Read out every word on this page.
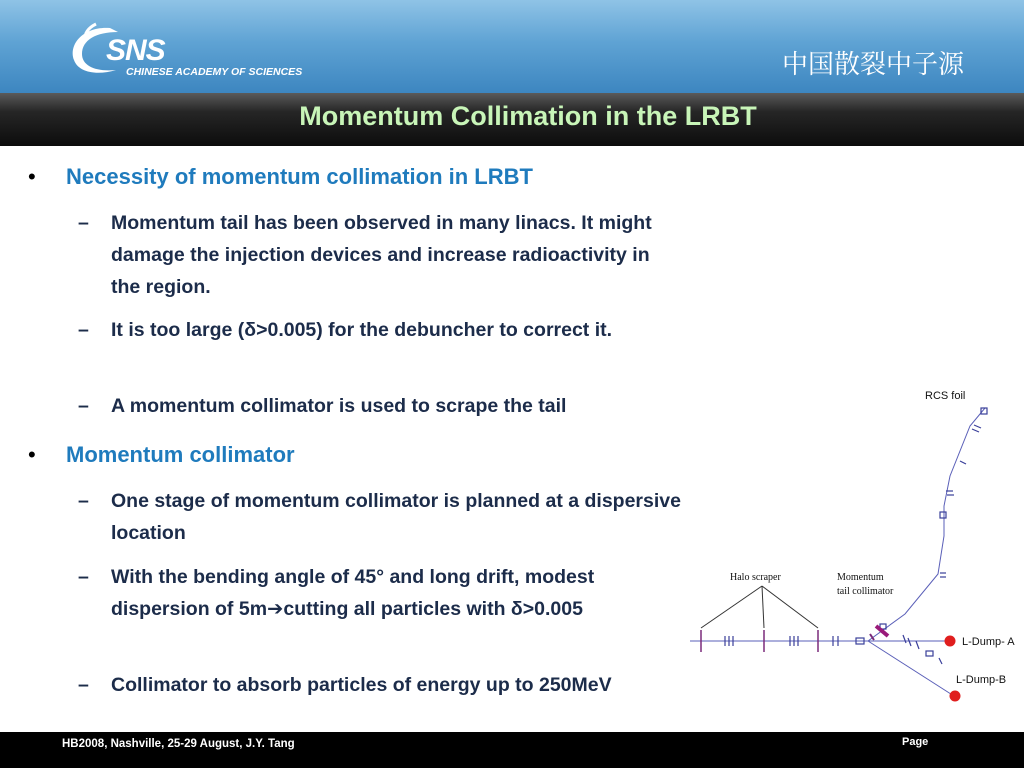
SNS
CHINESE ACADEMY OF SCIENCES	中国散裂中子源
Momentum Collimation in the LRBT
• Necessity of momentum collimation in LRBT
– Momentum tail has been observed in many linacs. It might damage the injection devices and increase radioactivity in the region.
– It is too large (δ>0.005) for the debuncher to correct it.
– A momentum collimator is used to scrape the tail
• Momentum collimator
– One stage of momentum collimator is planned at a dispersive location
– With the bending angle of 45° and long drift, modest dispersion of 5m➔cutting all particles with δ>0.005
– Collimator to absorb particles of energy up to 250MeV
RCS foil
Halo scraper	Momentum
tail collimator
L-Dump- A
L-Dump-B
HB2008, Nashville, 25-29 August, J.Y. Tang	Page
